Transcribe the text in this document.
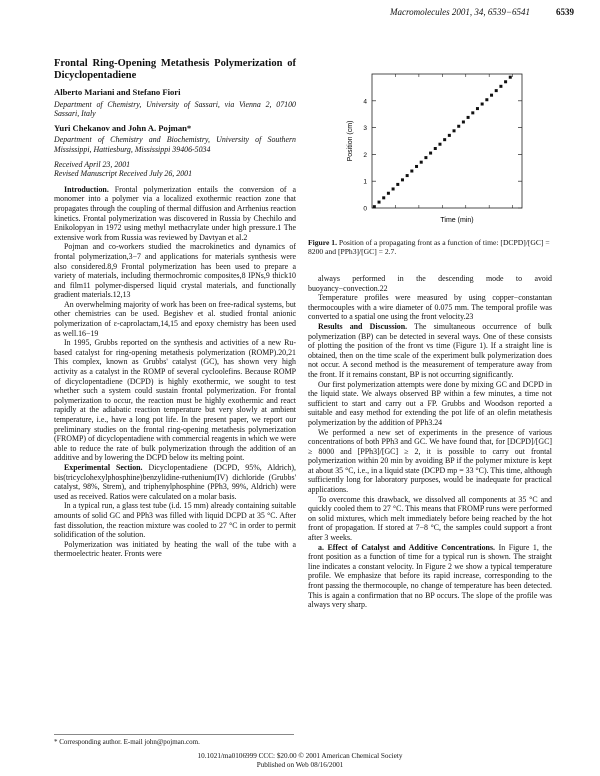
Macromolecules 2001, 34, 6539−6541	6539
Frontal Ring-Opening Metathesis Polymerization of Dicyclopentadiene
Alberto Mariani and Stefano Fiori
Department of Chemistry, University of Sassari, via Vienna 2, 07100 Sassari, Italy
Yuri Chekanov and John A. Pojman*
Department of Chemistry and Biochemistry, University of Southern Mississippi, Hattiesburg, Mississippi 39406-5034
Received April 23, 2001
Revised Manuscript Received July 26, 2001

Introduction. Frontal polymerization entails the conversion of a monomer into a polymer via a localized exothermic reaction zone that propagates through the coupling of thermal diffusion and Arrhenius reaction kinetics. Frontal polymerization was discovered in Russia by Chechilo and Enikolopyan in 1972 using methyl methacrylate under high pressure.1 The extensive work from Russia was reviewed by Davtyan et al.2

Pojman and co-workers studied the macrokinetics and dynamics of frontal polymerization,3−7 and applications for materials synthesis were also considered.8,9 Frontal polymerization has been used to prepare a variety of materials, including thermochromic composites,8 IPNs,9 thick10 and film11 polymer-dispersed liquid crystal materials, and functionally gradient materials.12,13

An overwhelming majority of work has been on free-radical systems, but other chemistries can be used. Begishev et al. studied frontal anionic polymerization of ε-caprolactam,14,15 and epoxy chemistry has been used as well.16−19

In 1995, Grubbs reported on the synthesis and activities of a new Ru-based catalyst for ring-opening metathesis polymerization (ROMP).20,21 This complex, known as Grubbs' catalyst (GC), has shown very high activity as a catalyst in the ROMP of several cycloolefins. Because ROMP of dicyclopentadiene (DCPD) is highly exothermic, we sought to test whether such a system could sustain frontal polymerization. For frontal polymerization to occur, the reaction must be highly exothermic and react rapidly at the adiabatic reaction temperature but very slowly at ambient temperature, i.e., have a long pot life. In the present paper, we report our preliminary studies on the frontal ring-opening metathesis polymerization (FROMP) of dicyclopentadiene with commercial reagents in which we were able to reduce the rate of bulk polymerization through the addition of an additive and by lowering the DCPD below its melting point.

Experimental Section. Dicyclopentadiene (DCPD, 95%, Aldrich), bis(tricyclohexylphosphine)benzylidine-ruthenium(IV) dichloride (Grubbs' catalyst, 98%, Strem), and triphenylphosphine (PPh3, 99%, Aldrich) were used as received. Ratios were calculated on a molar basis.

In a typical run, a glass test tube (i.d. 15 mm) already containing suitable amounts of solid GC and PPh3 was filled with liquid DCPD at 35 °C. After fast dissolution, the reaction mixture was cooled to 27 °C in order to permit solidification of the solution.

Polymerization was initiated by heating the wall of the tube with a thermoelectric heater. Fronts were

0
1
2
3
4
Time (min)
Position (cm)
Figure 1. Position of a propagating front as a function of time: [DCPD]/[GC] = 8200 and [PPh3]/[GC] = 2.7.

always performed in the descending mode to avoid buoyancy−convection.22

Temperature profiles were measured by using copper−constantan thermocouples with a wire diameter of 0.075 mm. The temporal profile was converted to a spatial one using the front velocity.23

Results and Discussion. The simultaneous occurrence of bulk polymerization (BP) can be detected in several ways. One of these consists of plotting the position of the front vs time (Figure 1). If a straight line is obtained, then on the time scale of the experiment bulk polymerization does not occur. A second method is the measurement of temperature away from the front. If it remains constant, BP is not occurring significantly.

Our first polymerization attempts were done by mixing GC and DCPD in the liquid state. We always observed BP within a few minutes, a time not sufficient to start and carry out a FP. Grubbs and Woodson reported a suitable and easy method for extending the pot life of an olefin metathesis polymerization by the addition of PPh3.24

We performed a new set of experiments in the presence of various concentrations of both PPh3 and GC. We have found that, for [DCPD]/[GC] ≥ 8000 and [PPh3]/[GC] ≥ 2, it is possible to carry out frontal polymerization within 20 min by avoiding BP if the polymer mixture is kept at about 35 °C, i.e., in a liquid state (DCPD mp = 33 °C). This time, although sufficiently long for laboratory purposes, would be inadequate for practical applications.

To overcome this drawback, we dissolved all components at 35 °C and quickly cooled them to 27 °C. This means that FROMP runs were performed on solid mixtures, which melt immediately before being reached by the hot front of propagation. If stored at 7−8 °C, the samples could support a front after 3 weeks.

a. Effect of Catalyst and Additive Concentrations. In Figure 1, the front position as a function of time for a typical run is shown. The straight line indicates a constant velocity. In Figure 2 we show a typical temperature profile. We emphasize that before its rapid increase, corresponding to the front passing the thermocouple, no change of temperature has been detected. This is again a confirmation that no BP occurs. The slope of the profile was always very sharp.

* Corresponding author. E-mail john@pojman.com.
10.1021/ma0106999 CCC: $20.00 © 2001 American Chemical Society
Published on Web 08/16/2001
